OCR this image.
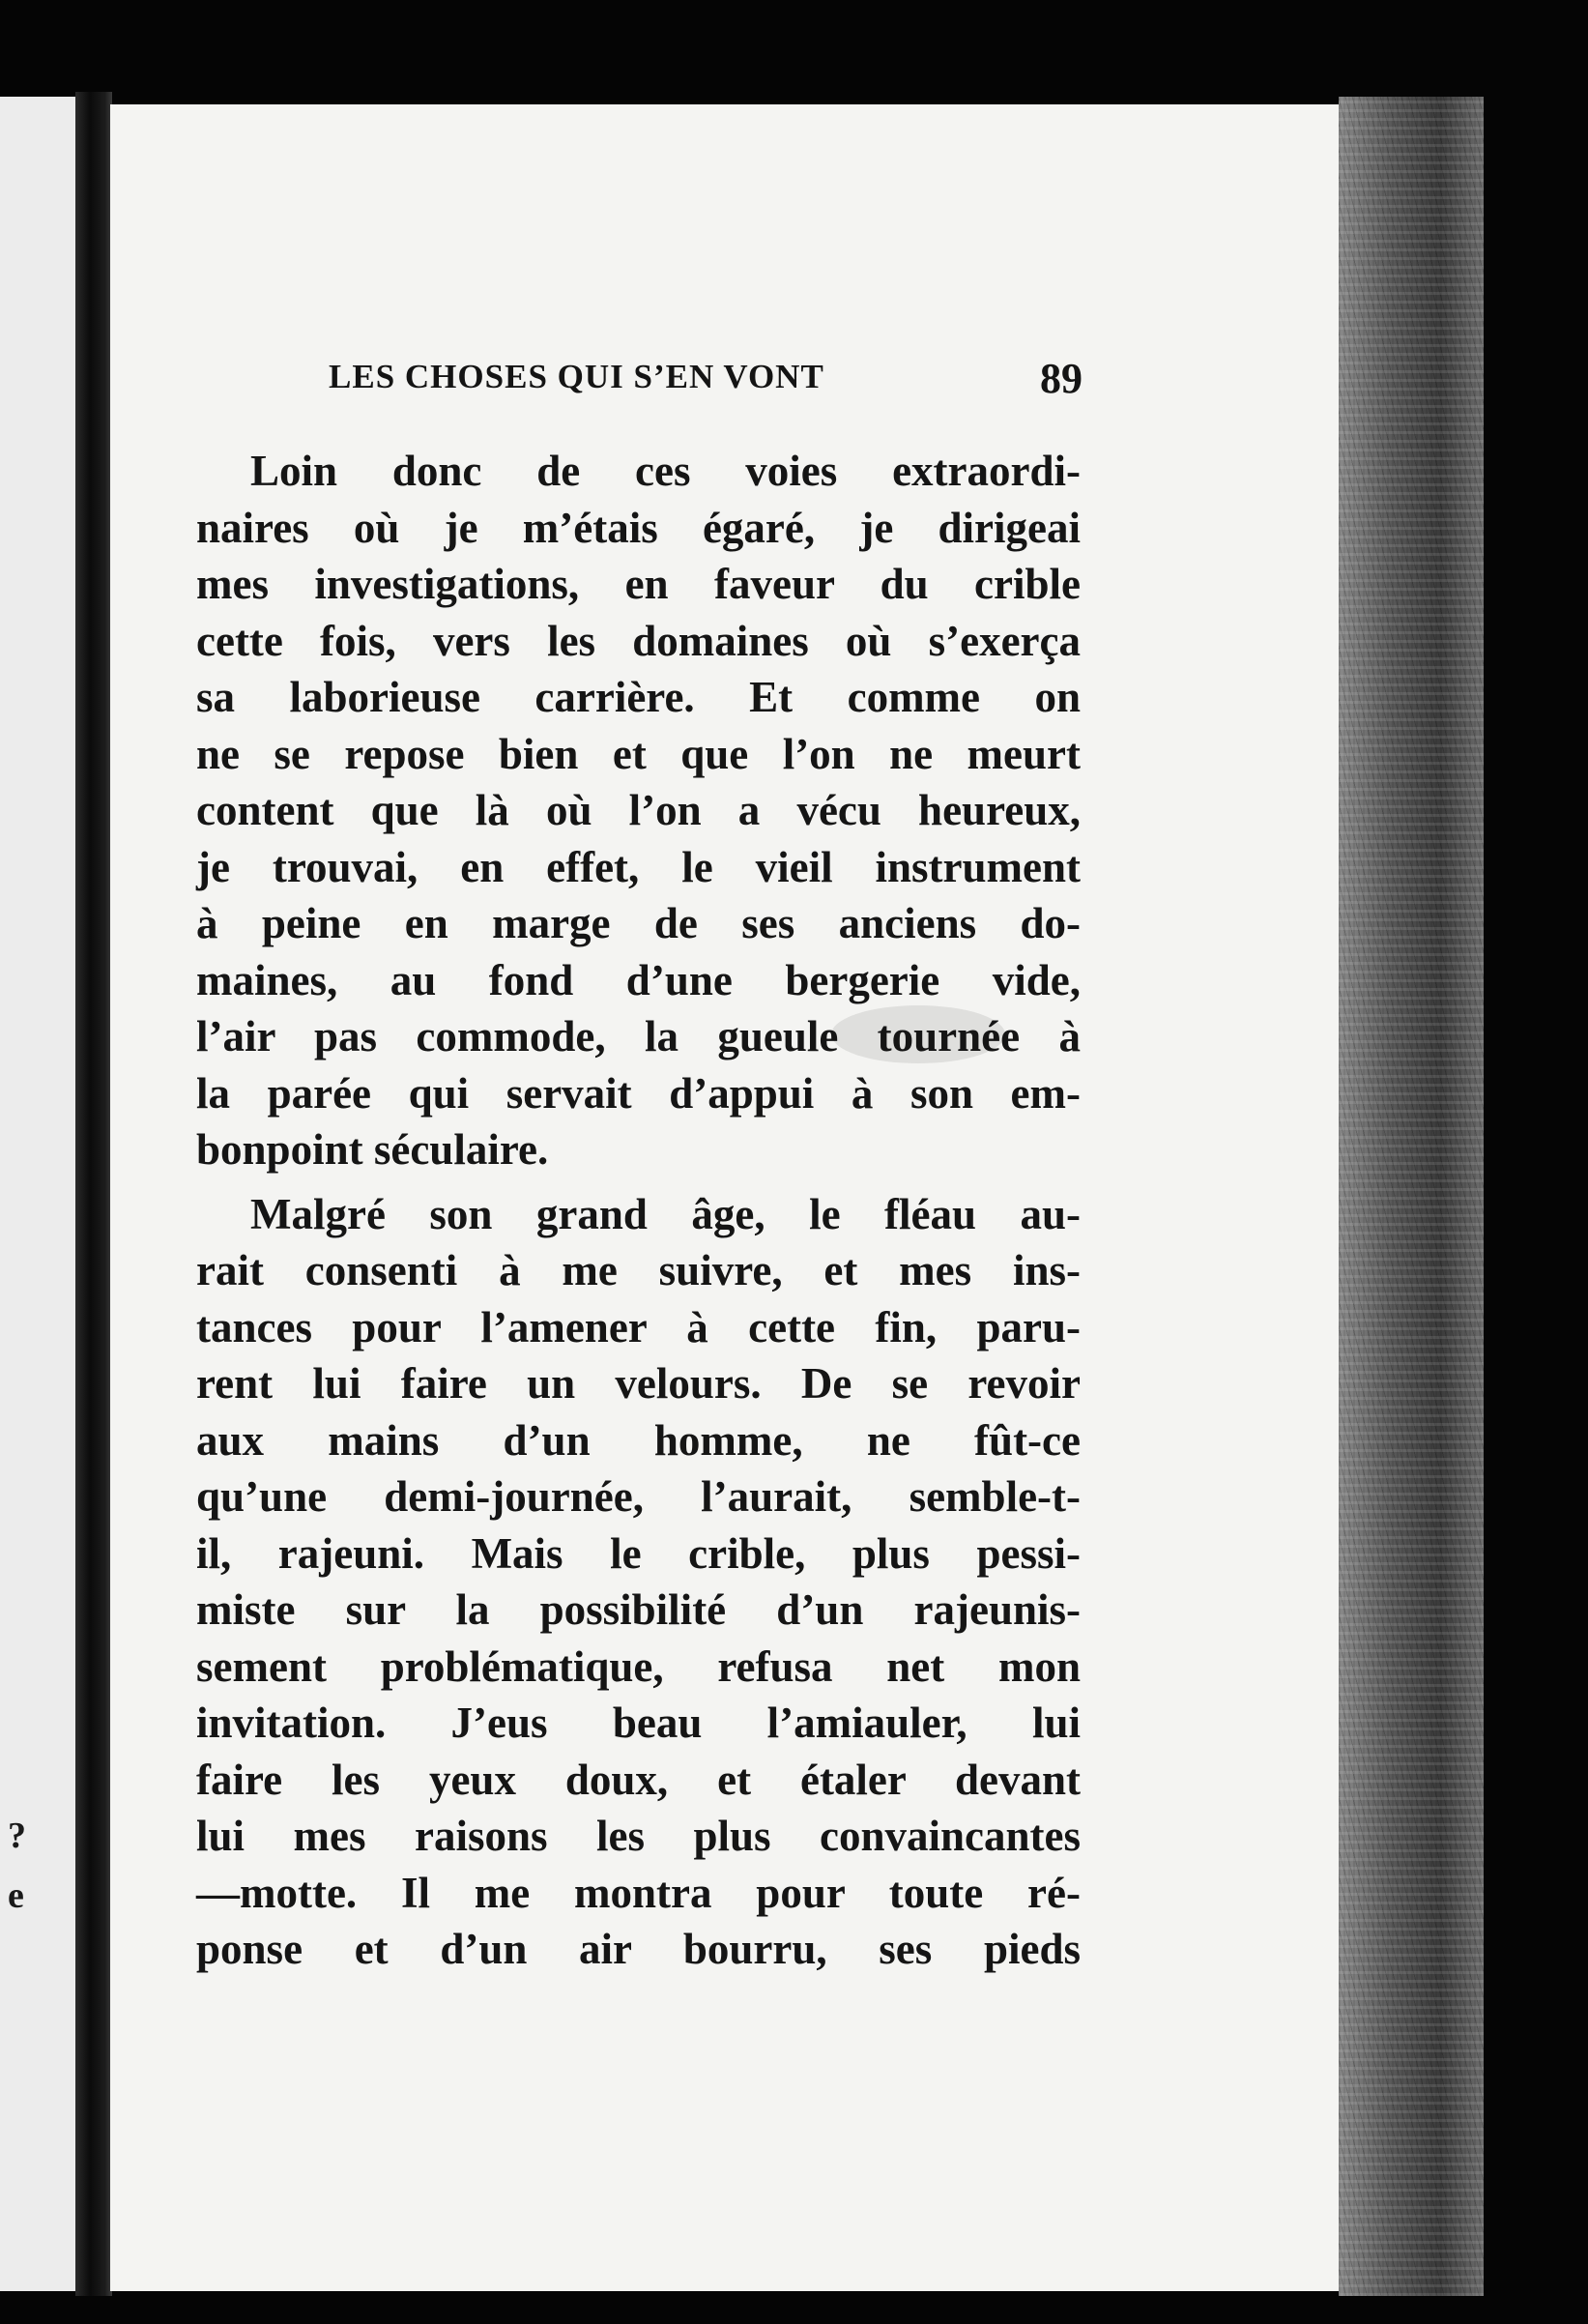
?
e
LES CHOSES QUI S’EN VONT	89
Loin donc de ces voies extraordi-
naires où je m’étais égaré, je dirigeai
mes investigations, en faveur du crible
cette fois, vers les domaines où s’exerça
sa laborieuse carrière. Et comme on
ne se repose bien et que l’on ne meurt
content que là où l’on a vécu heureux,
je trouvai, en effet, le vieil instrument
à peine en marge de ses anciens do-
maines, au fond d’une bergerie vide,
l’air pas commode, la gueule tournée à
la parée qui servait d’appui à son em-
bonpoint séculaire.
Malgré son grand âge, le fléau au-
rait consenti à me suivre, et mes ins-
tances pour l’amener à cette fin, paru-
rent lui faire un velours. De se revoir
aux mains d’un homme, ne fût-ce
qu’une demi-journée, l’aurait, semble-t-
il, rajeuni. Mais le crible, plus pessi-
miste sur la possibilité d’un rajeunis-
sement problématique, refusa net mon
invitation. J’eus beau l’amiauler, lui
faire les yeux doux, et étaler devant
lui mes raisons les plus convaincantes
—motte. Il me montra pour toute ré-
ponse et d’un air bourru, ses pieds
